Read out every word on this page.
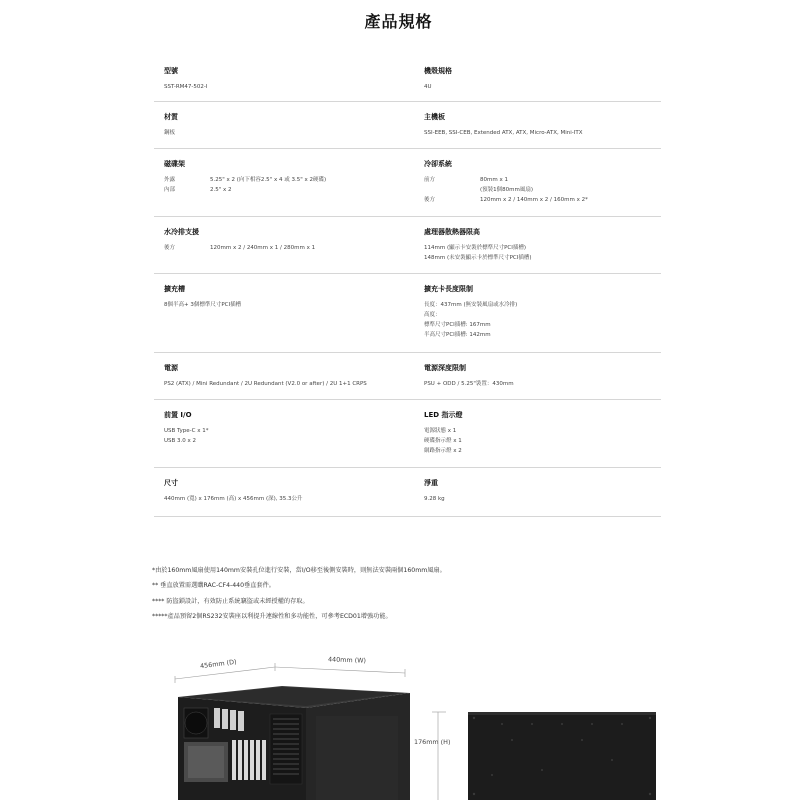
產品規格
型號
SST-RM47-502-I
機殼規格
4U
材質
鋼板
主機板
SSI-EEB, SSI-CEB, Extended ATX, ATX, Micro-ATX, Mini-ITX
磁碟架
外露	5.25" x 2 (向下相容2.5" x 4 或 3.5" x 2硬碟)
內部	2.5" x 2
冷卻系統
前方	80mm x 1
(預裝1個80mm風扇)
後方	120mm x 2 / 140mm x 2 / 160mm x 2*
水冷排支援
後方	120mm x 2 / 240mm x 1 / 280mm x 1
處理器散熱器限高
114mm (顯示卡安裝於標準尺寸PCI插槽)
148mm (未安裝顯示卡於標準尺寸PCI插槽)
擴充槽
8個半高+ 3個標準尺寸PCI插槽
擴充卡長度限制
長度：437mm (無安裝風扇或水冷排)
高度：
標準尺寸PCI插槽: 167mm
半高尺寸PCI插槽: 142mm
電源
PS2 (ATX) / Mini Redundant / 2U Redundant (V2.0 or after) / 2U 1+1 CRPS
電源深度限制
PSU + ODD / 5.25"裝置：430mm
前置 I/O
USB Type-C x 1*
USB 3.0 x 2
LED 指示燈
電源狀態 x 1
硬碟指示燈 x 1
網路指示燈 x 2
尺寸
440mm (寬) x 176mm (高) x 456mm (深), 35.3公升
淨重
9.28 kg
*由於160mm風扇使用140mm安裝孔位進行安裝，當I/O移至後側安裝時，則無法安裝兩個160mm風扇。
** 垂直放置需選購RAC-CF4-440垂直套件。
**** 防盜鎖設計，有效防止系統竊盜或未經授權的存取。
*****產品預留2個RS232安裝座以利提升連線性和多功能性，可參考ECD01增強功能。
456mm (D)	440mm (W)
176mm (H)
